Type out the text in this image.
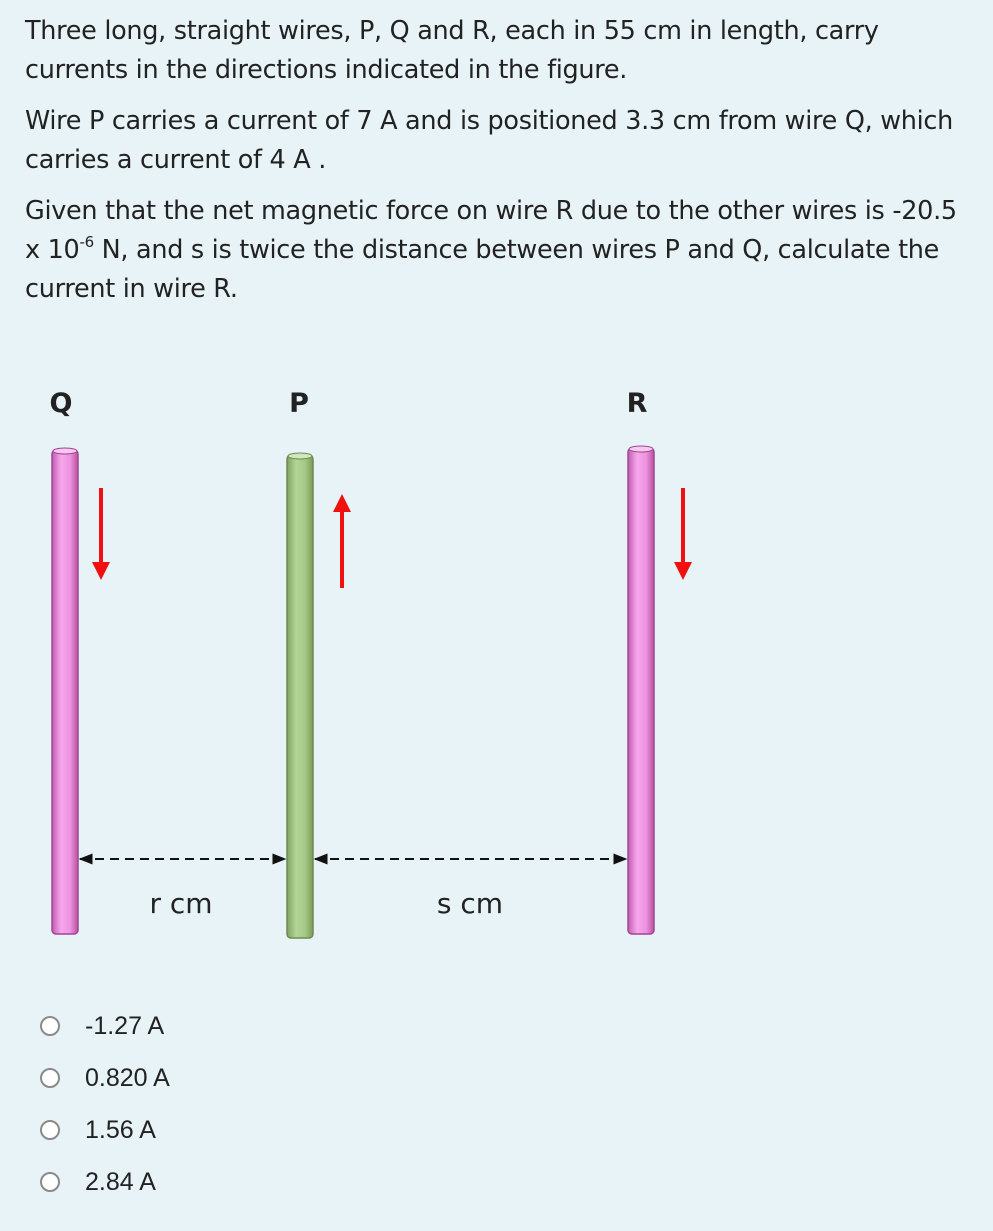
Three long, straight wires, P, Q and R, each in 55 cm in length, carry currents in the directions indicated in the figure.

Wire P carries a current of 7 A and is positioned 3.3 cm from wire Q, which carries a current of 4 A .

Given that the net magnetic force on wire R due to the other wires is -20.5 x $10^{-6}$ N, and s is twice the distance between wires P and Q, calculate the current in wire R.

Q	P	R
r cm	s cm
-1.27 A
0.820 A
1.56 A
2.84 A
